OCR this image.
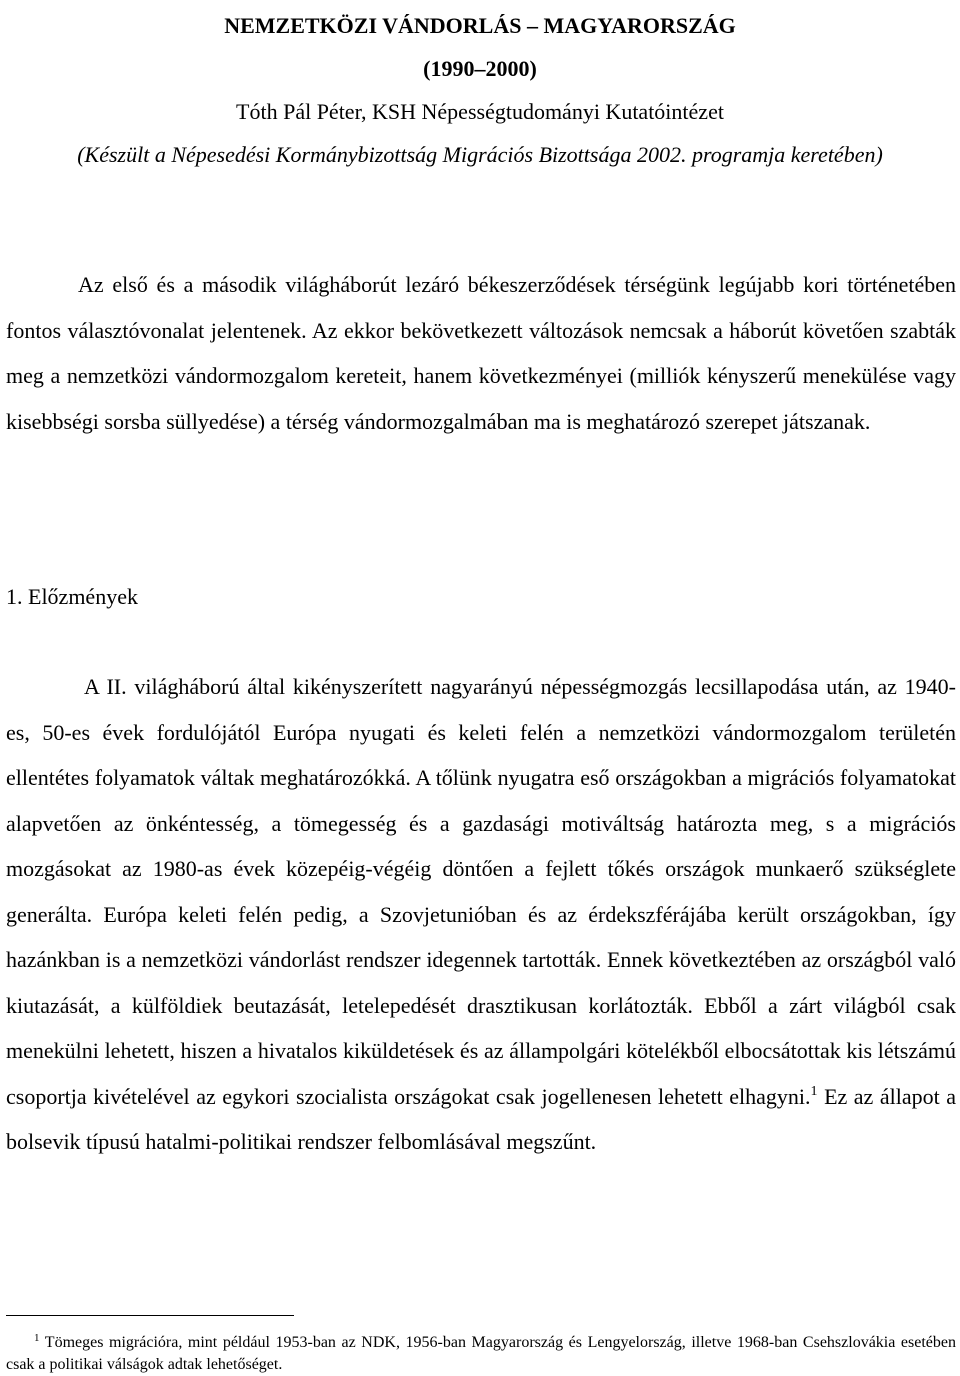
NEMZETKÖZI VÁNDORLÁS – MAGYARORSZÁG
(1990–2000)
Tóth Pál Péter, KSH Népességtudományi Kutatóintézet
(Készült a Népesedési Kormánybizottság Migrációs Bizottsága 2002. programja keretében)

Az első és a második világháborút lezáró békeszerződések térségünk legújabb kori történetében fontos választóvonalat jelentenek. Az ekkor bekövetkezett változások nemcsak a háborút követően szabták meg a nemzetközi vándormozgalom kereteit, hanem következményei (milliók kényszerű menekülése vagy kisebbségi sorsba süllyedése) a térség vándormozgalmában ma is meghatározó szerepet játszanak.

1. Előzmények

A II. világháború által kikényszerített nagyarányú népességmozgás lecsillapodása után, az 1940-es, 50-es évek fordulójától Európa nyugati és keleti felén a nemzetközi vándormozgalom területén ellentétes folyamatok váltak meghatározókká. A tőlünk nyugatra eső országokban a migrációs folyamatokat alapvetően az önkéntesség, a tömegesség és a gazdasági motiváltság határozta meg, s a migrációs mozgásokat az 1980-as évek közepéig-végéig döntően a fejlett tőkés országok munkaerő szükséglete generálta. Európa keleti felén pedig, a Szovjetunióban és az érdekszférájába került országokban, így hazánkban is a nemzetközi vándorlást rendszer idegennek tartották. Ennek következtében az országból való kiutazását, a külföldiek beutazását, letelepedését drasztikusan korlátozták. Ebből a zárt világból csak menekülni lehetett, hiszen a hivatalos kiküldetések és az állampolgári kötelékből elbocsátottak kis létszámú csoportja kivételével az egykori szocialista országokat csak jogellenesen lehetett elhagyni.$^1$ Ez az állapot a bolsevik típusú hatalmi-politikai rendszer felbomlásával megszűnt.

$^1$ Tömeges migrációra, mint például 1953-ban az NDK, 1956-ban Magyarország és Lengyelország, illetve 1968-ban Csehszlovákia esetében csak a politikai válságok adtak lehetőséget.
